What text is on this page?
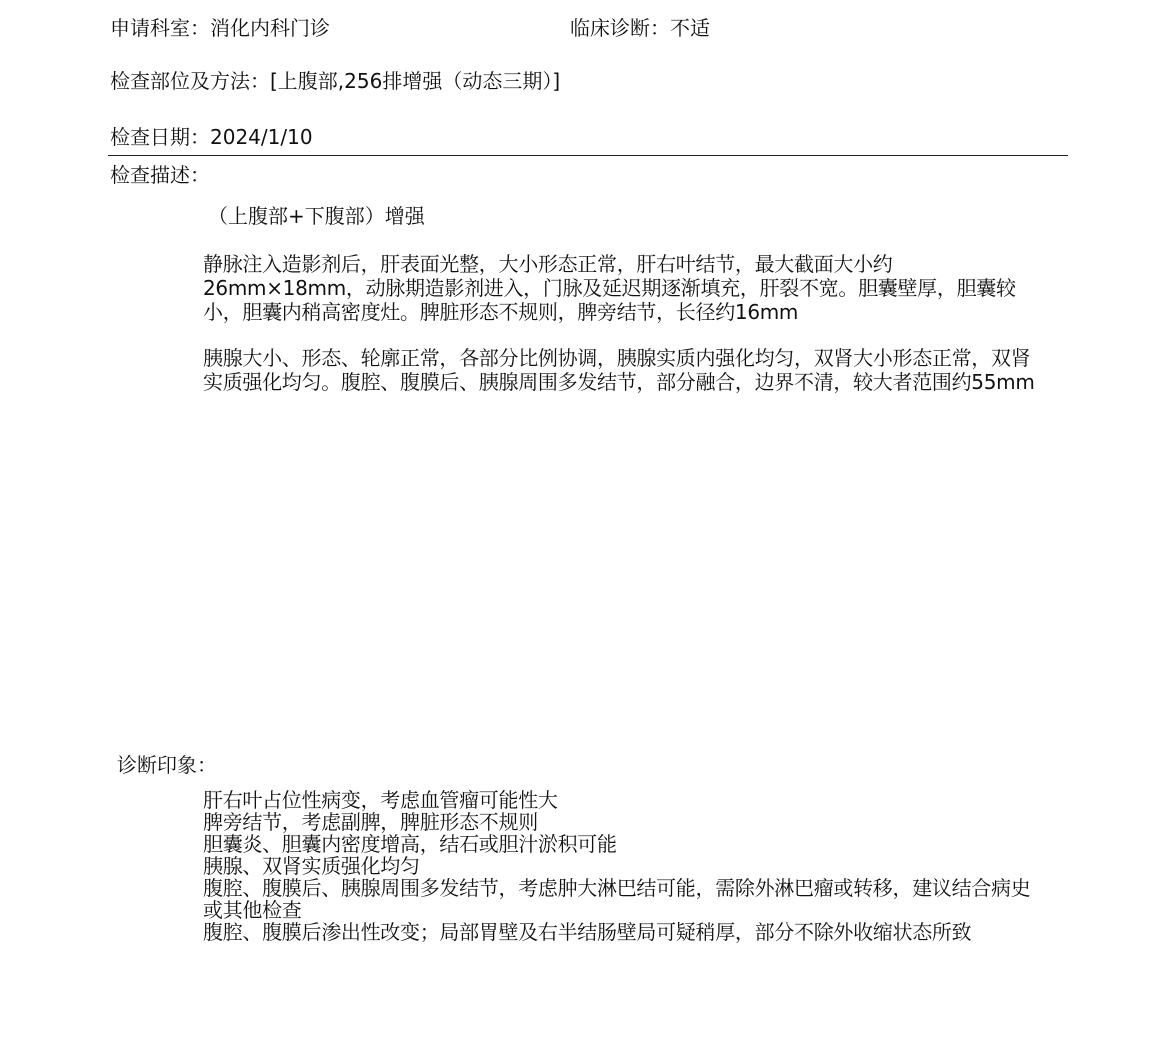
申请科室：消化内科门诊	临床诊断：不适
检查部位及方法：[上腹部,256排增强（动态三期）]
检查日期：2024/1/10
检查描述：
（上腹部+下腹部）增强
静脉注入造影剂后，肝表面光整，大小形态正常，肝右叶结节，最大截面大小约26mm×18mm，动脉期造影剂进入，门脉及延迟期逐渐填充，肝裂不宽。胆囊壁厚，胆囊较小，胆囊内稍高密度灶。脾脏形态不规则，脾旁结节，长径约16mm
胰腺大小、形态、轮廓正常，各部分比例协调，胰腺实质内强化均匀，双肾大小形态正常，双肾实质强化均匀。腹腔、腹膜后、胰腺周围多发结节，部分融合，边界不清，较大者范围约55mm
诊断印象：
肝右叶占位性病变，考虑血管瘤可能性大
脾旁结节，考虑副脾，脾脏形态不规则
胆囊炎、胆囊内密度增高，结石或胆汁淤积可能
胰腺、双肾实质强化均匀
腹腔、腹膜后、胰腺周围多发结节，考虑肿大淋巴结可能，需除外淋巴瘤或转移，建议结合病史或其他检查
腹腔、腹膜后渗出性改变；局部胃壁及右半结肠壁局可疑稍厚，部分不除外收缩状态所致
